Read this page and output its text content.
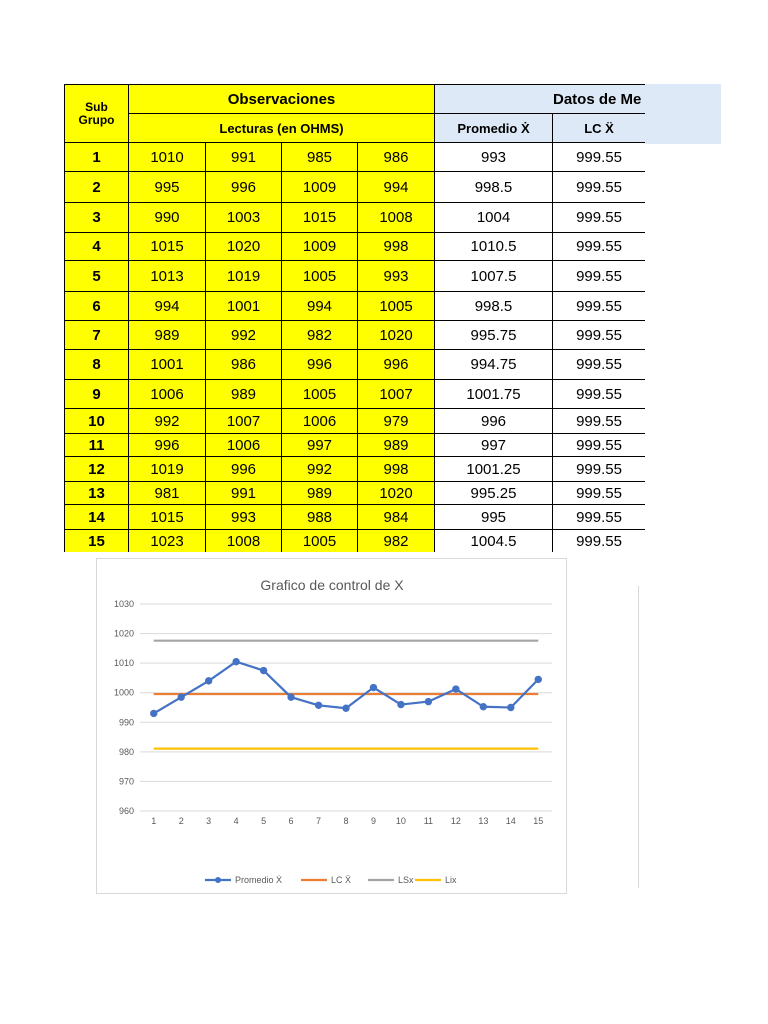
Sub
Grupo	Observaciones				Datos de Me	
	Lecturas (en OHMS)				Promedio Ẋ	LC Ẍ
1	1010	991	985	986	993	999.55
2	995	996	1009	994	998.5	999.55
3	990	1003	1015	1008	1004	999.55
4	1015	1020	1009	998	1010.5	999.55
5	1013	1019	1005	993	1007.5	999.55
6	994	1001	994	1005	998.5	999.55
7	989	992	982	1020	995.75	999.55
8	1001	986	996	996	994.75	999.55
9	1006	989	1005	1007	1001.75	999.55
10	992	1007	1006	979	996	999.55
11	996	1006	997	989	997	999.55
12	1019	996	992	998	1001.25	999.55
13	981	991	989	1020	995.25	999.55
14	1015	993	988	984	995	999.55
15	1023	1008	1005	982	1004.5	999.55
Grafico de control de X
960
970
980
990
1000
1010
1020
1030
1 2 3 4 5 6 7 8 9 10 11 12 13 14 15
Promedio Ẋ	LC Ẍ	LSx	Lix
